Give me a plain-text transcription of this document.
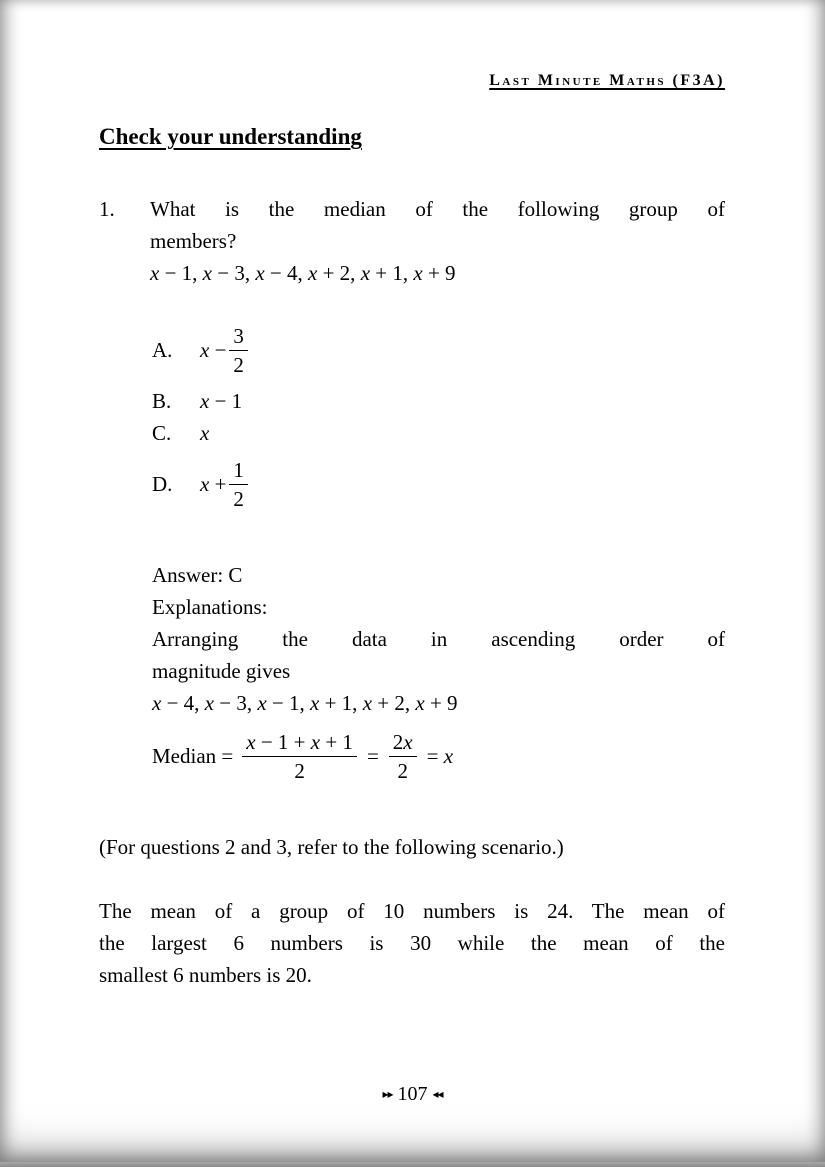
Last Minute Maths (F3A)
Check your understanding
1.	What is the median of the following group of
members?
x − 1, x − 3, x − 4, x + 2, x + 1, x + 9
A.	$x - \frac{3}{2}$
B.	x − 1
C.	x
D.	$x + \frac{1}{2}$
Answer: C
Explanations:
Arranging the data in ascending order of
magnitude gives
x − 4, x − 3, x − 1, x + 1, x + 2, x + 9
Median = $\frac{x - 1 + x + 1}{2} = \frac{2x}{2} = x$
(For questions 2 and 3, refer to the following scenario.)
The mean of a group of 10 numbers is 24. The mean of
the largest 6 numbers is 30 while the mean of the
smallest 6 numbers is 20.
▸▸ 107 ◂◂
